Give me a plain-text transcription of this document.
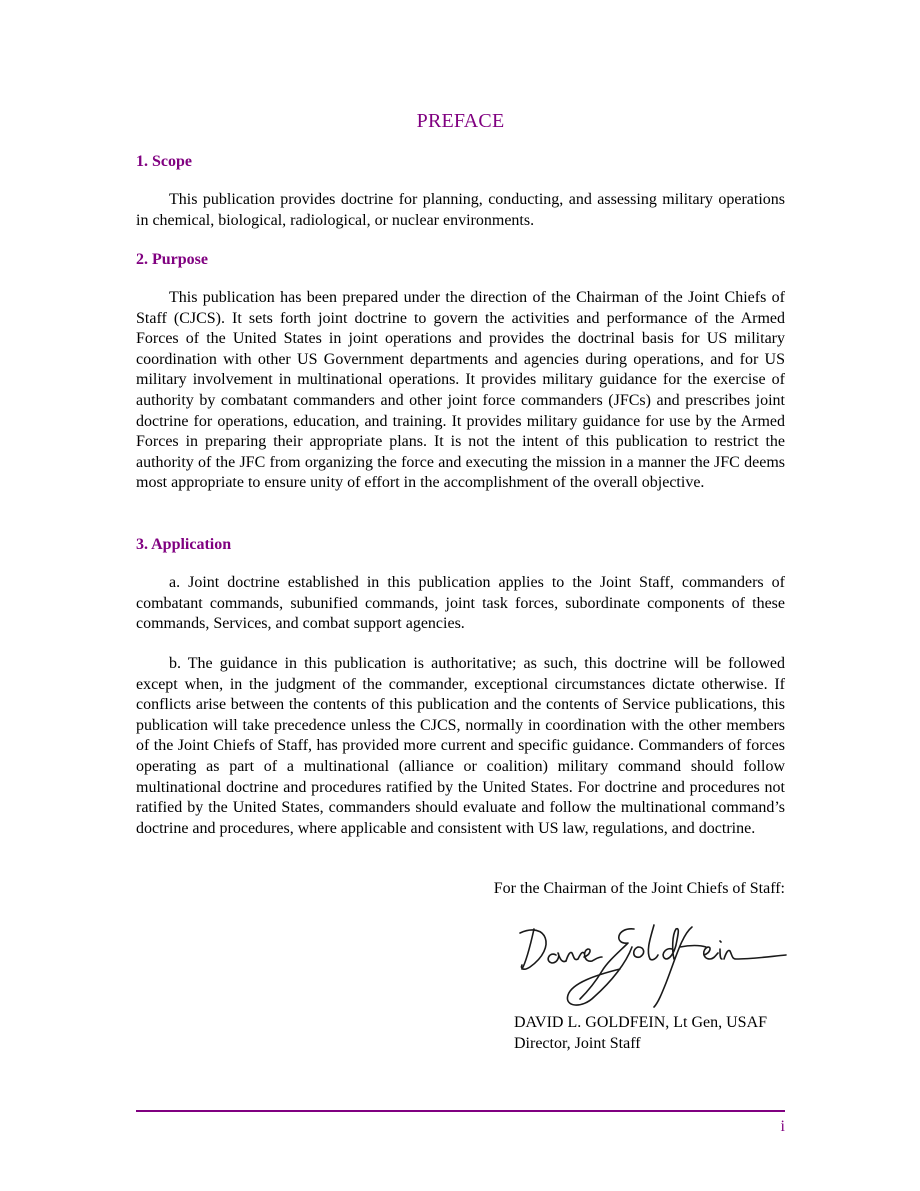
PREFACE
1. Scope

This publication provides doctrine for planning, conducting, and assessing military operations in chemical, biological, radiological, or nuclear environments.

2. Purpose

This publication has been prepared under the direction of the Chairman of the Joint Chiefs of Staff (CJCS). It sets forth joint doctrine to govern the activities and performance of the Armed Forces of the United States in joint operations and provides the doctrinal basis for US military coordination with other US Government departments and agencies during operations, and for US military involvement in multinational operations. It provides military guidance for the exercise of authority by combatant commanders and other joint force commanders (JFCs) and prescribes joint doctrine for operations, education, and training. It provides military guidance for use by the Armed Forces in preparing their appropriate plans. It is not the intent of this publication to restrict the authority of the JFC from organizing the force and executing the mission in a manner the JFC deems most appropriate to ensure unity of effort in the accomplishment of the overall objective.

3. Application

a. Joint doctrine established in this publication applies to the Joint Staff, commanders of combatant commands, subunified commands, joint task forces, subordinate components of these commands, Services, and combat support agencies.

b. The guidance in this publication is authoritative; as such, this doctrine will be followed except when, in the judgment of the commander, exceptional circumstances dictate otherwise. If conflicts arise between the contents of this publication and the contents of Service publications, this publication will take precedence unless the CJCS, normally in coordination with the other members of the Joint Chiefs of Staff, has provided more current and specific guidance. Commanders of forces operating as part of a multinational (alliance or coalition) military command should follow multinational doctrine and procedures ratified by the United States. For doctrine and procedures not ratified by the United States, commanders should evaluate and follow the multinational command’s doctrine and procedures, where applicable and consistent with US law, regulations, and doctrine.

For the Chairman of the Joint Chiefs of Staff:
DAVID L. GOLDFEIN, Lt Gen, USAF
Director, Joint Staff
i
